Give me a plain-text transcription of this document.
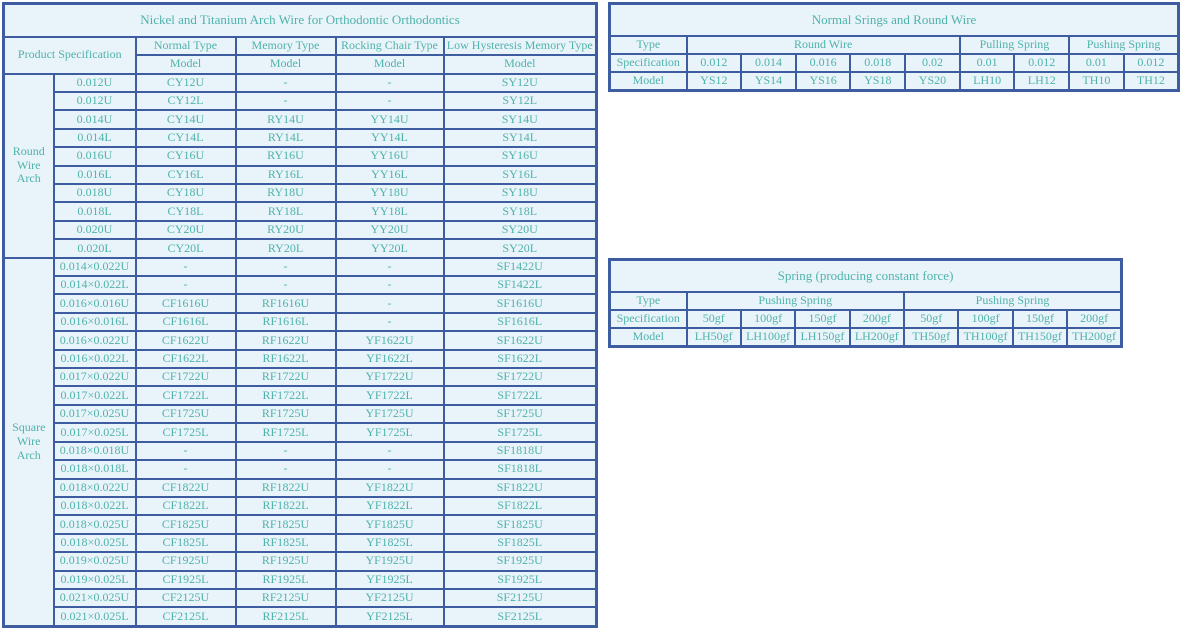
Nickel and Titanium Arch Wire for Orthodontic Orthodontics					
Product Specification		Normal Type	Memory Type	Rocking Chair Type	Low Hysteresis Memory Type
		Model	Model	Model	Model
Round Wire Arch	0.012U	CY12U	-	-	SY12U
	0.012U	CY12L	-	-	SY12L
	0.014U	CY14U	RY14U	YY14U	SY14U
	0.014L	CY14L	RY14L	YY14L	SY14L
	0.016U	CY16U	RY16U	YY16U	SY16U
	0.016L	CY16L	RY16L	YY16L	SY16L
	0.018U	CY18U	RY18U	YY18U	SY18U
	0.018L	CY18L	RY18L	YY18L	SY18L
	0.020U	CY20U	RY20U	YY20U	SY20U
	0.020L	CY20L	RY20L	YY20L	SY20L
Square Wire Arch	0.014×0.022U	-	-	-	SF1422U
	0.014×0.022L	-	-	-	SF1422L
	0.016×0.016U	CF1616U	RF1616U	-	SF1616U
	0.016×0.016L	CF1616L	RF1616L	-	SF1616L
	0.016×0.022U	CF1622U	RF1622U	YF1622U	SF1622U
	0.016×0.022L	CF1622L	RF1622L	YF1622L	SF1622L
	0.017×0.022U	CF1722U	RF1722U	YF1722U	SF1722U
	0.017×0.022L	CF1722L	RF1722L	YF1722L	SF1722L
	0.017×0.025U	CF1725U	RF1725U	YF1725U	SF1725U
	0.017×0.025L	CF1725L	RF1725L	YF1725L	SF1725L
	0.018×0.018U	-	-	-	SF1818U
	0.018×0.018L	-	-	-	SF1818L
	0.018×0.022U	CF1822U	RF1822U	YF1822U	SF1822U
	0.018×0.022L	CF1822L	RF1822L	YF1822L	SF1822L
	0.018×0.025U	CF1825U	RF1825U	YF1825U	SF1825U
	0.018×0.025L	CF1825L	RF1825L	YF1825L	SF1825L
	0.019×0.025U	CF1925U	RF1925U	YF1925U	SF1925U
	0.019×0.025L	CF1925L	RF1925L	YF1925L	SF1925L
	0.021×0.025U	CF2125U	RF2125U	YF2125U	SF2125U
	0.021×0.025L	CF2125L	RF2125L	YF2125L	SF2125L
Normal Srings and Round Wire									
Type	Round Wire					Pulling Spring		Pushing Spring	
Specification	0.012	0.014	0.016	0.018	0.02	0.01	0.012	0.01	0.012
Model	YS12	YS14	YS16	YS18	YS20	LH10	LH12	TH10	TH12
Spring (producing constant force)								
Type	Pushing Spring				Pushing Spring			
Specification	50gf	100gf	150gf	200gf	50gf	100gf	150gf	200gf
Model	LH50gf	LH100gf	LH150gf	LH200gf	TH50gf	TH100gf	TH150gf	TH200gf
